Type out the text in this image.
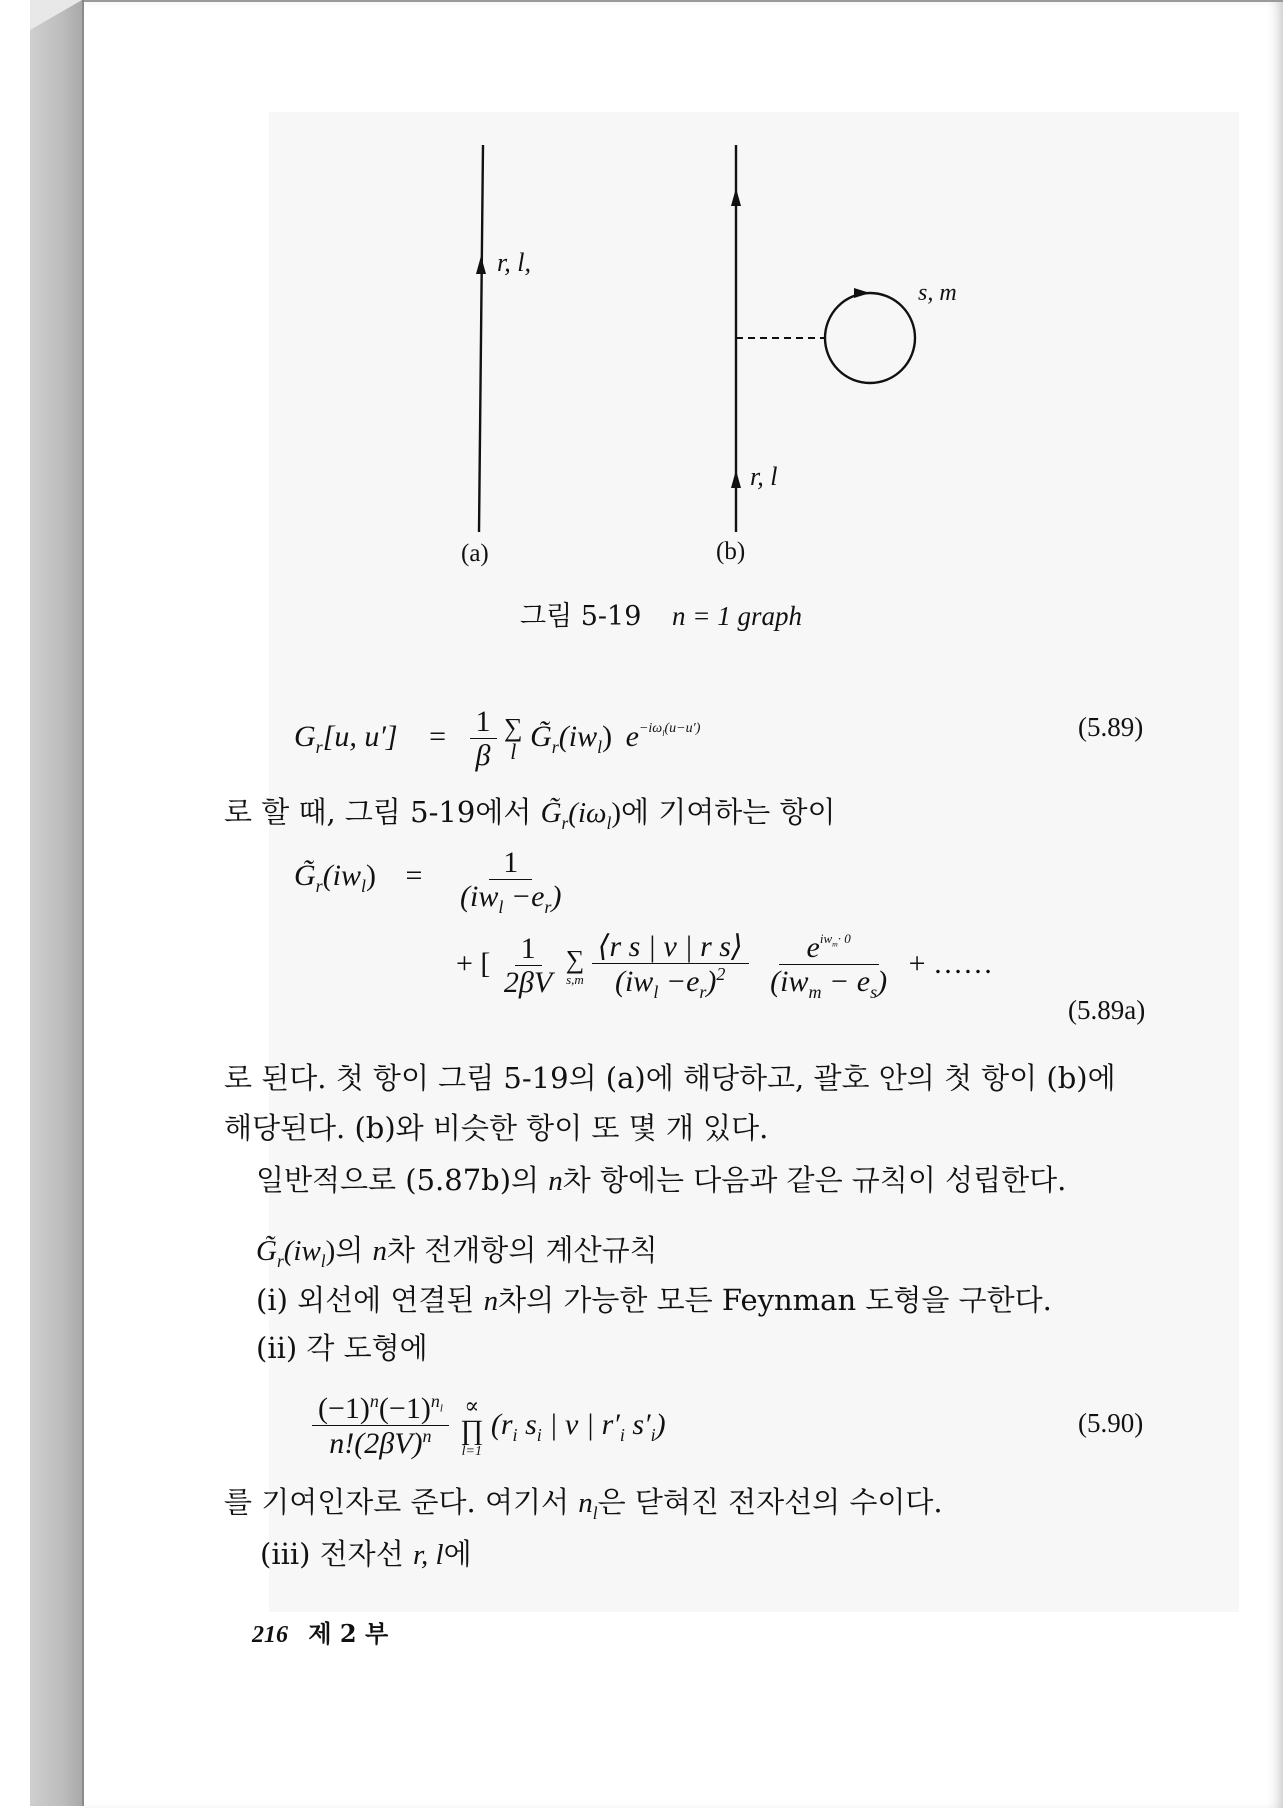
r, l,
s, m
r, l
(a)	(b)
그림 5-19 n = 1 graph
$G_r[u$, $u'] = \frac{1}{\beta}$
∑
l $G̃_r(iw_l)$ $e^{-i\omega_l(u-u')}$	(5.89)
로 할 때, 그림 5-19에서 $G̃_r(i\omega_l)$에 기여하는 항이
$G̃_r(iw_l) = \frac{1}{(iw_l -e_r)}$
+ [ $\frac{1}{2\beta V}$
∑
s,m
$\frac{\text{⟨r s | v | r s⟩}}{(iw_l -e_r)^2}$
$\frac{e^{iw_m\cdot 0}}{(iw_m - e_s)}$ + ……
(5.89a)
로 된다. 첫 항이 그림 5-19의 (a)에 해당하고, 괄호 안의 첫 항이 (b)에
해당된다. (b)와 비슷한 항이 또 몇 개 있다.
일반적으로 (5.87b)의 n차 항에는 다음과 같은 규칙이 성립한다.
$G̃_r(iw_l)$의 n차 전개항의 계산규칙
(i) 외선에 연결된 n차의 가능한 모든 Feynman 도형을 구한다.
(ii) 각 도형에
$\frac{(-1)^n(-1)^{n_l}}{n!(2\beta V)^n}$
∝
∏
l=1
($r_i$ $s_i$ | v | $r'_i$ $s'_i$)	(5.90)
를 기여인자로 준다. 여기서 $n_l$은 닫혀진 전자선의 수이다.
(iii) 전자선 r, l에
216 제 2 부
